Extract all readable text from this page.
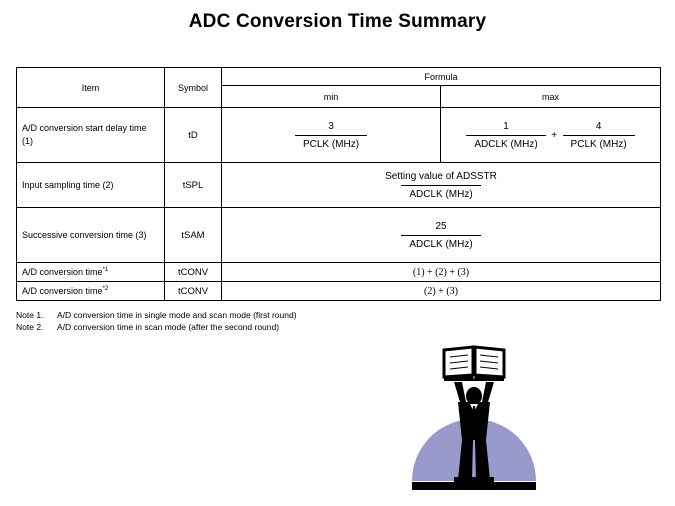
ADC Conversion Time Summary
Item	Symbol	Formula	
		min	max
A/D conversion start delay time (1)	tD	$\frac{3}{\text{PCLK (MHz)}}$	$\frac{1}{\text{ADCLK (MHz)}} + \frac{4}{\text{PCLK (MHz)}}$

Input sampling time (2)	tSPL	$\frac{\text{Setting value of ADSSTR}}{\text{ADCLK (MHz)}}$

Successive conversion time (3)	tSAM	$\frac{25}{\text{ADCLK (MHz)}}$

A/D conversion time$^{*1}$	tCONV	(1) + (2) + (3)	
A/D conversion time$^{*2}$	tCONV	(2) + (3)	
Note 1. A/D conversion time in single mode and scan mode (first round)
Note 2. A/D conversion time in scan mode (after the second round)
